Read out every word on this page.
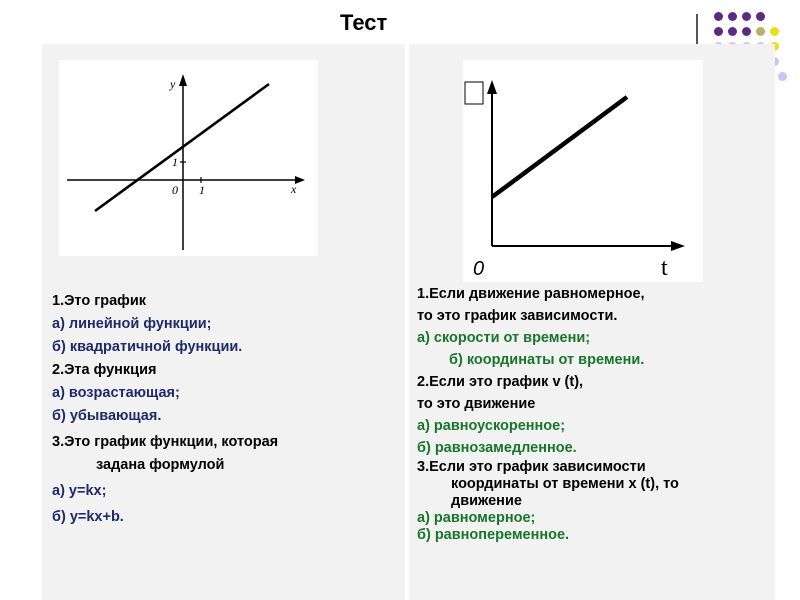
Тест
y
x
0 1
1
0	t
1.Это график
а) линейной функции;
б) квадратичной функции.
2.Эта функция
а) возрастающая;
б) убывающая.
3.Это график функции, которая
задана формулой
а) y=kx;
б) y=kx+b.
1.Если движение равномерное,
то это график зависимости.
а) скорости от времени;
б) координаты от времени.
2.Если это график v (t),
то это движение
а) равноускоренное;
б) равнозамедленное.
3.Если это график зависимости
координаты от времени x (t), то
движение
а) равномерное;
б) равнопеременное.
